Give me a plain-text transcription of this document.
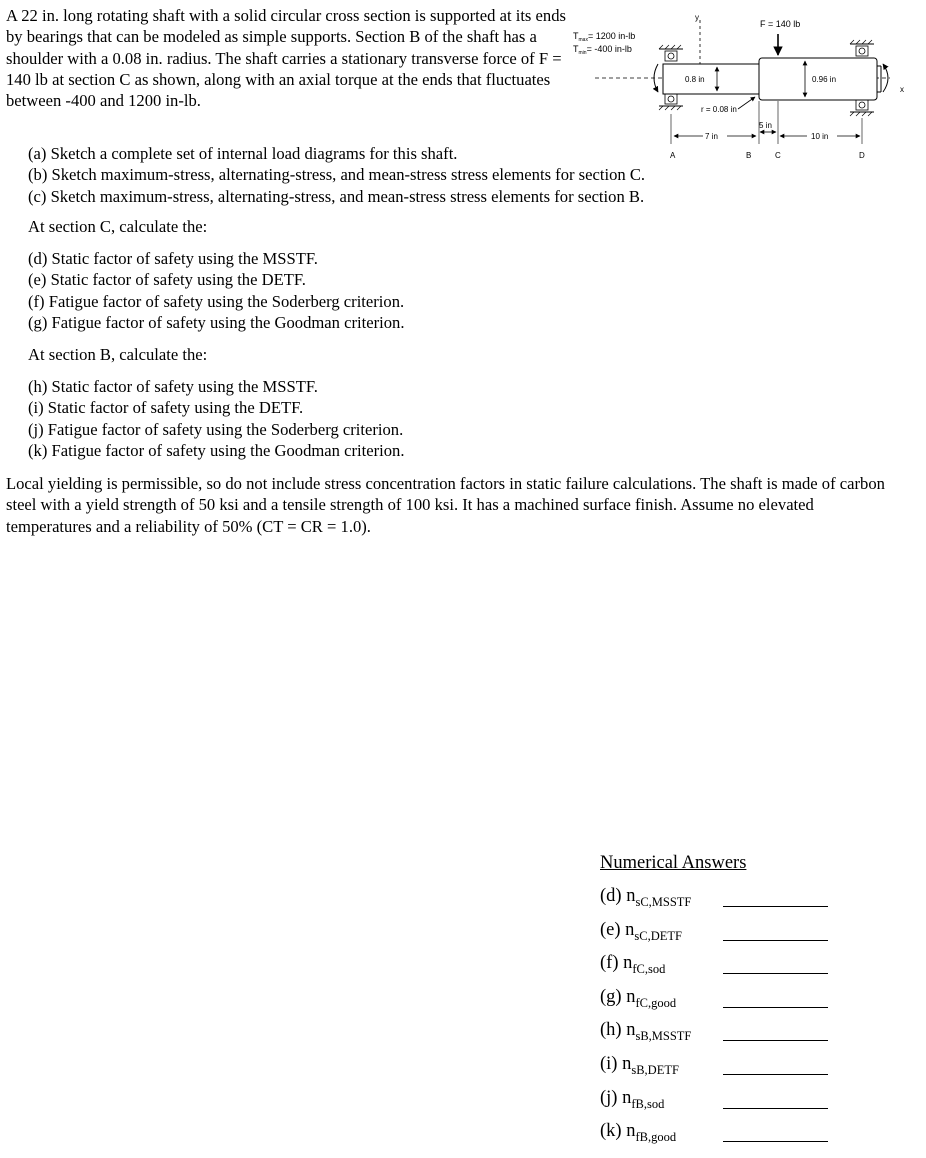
A 22 in. long rotating shaft with a solid circular cross section is supported at its ends by bearings that can be modeled as simple supports. Section B of the shaft has a shoulder with a 0.08 in. radius. The shaft carries a stationary transverse force of F = 140 lb at section C as shown, along with an axial torque at the ends that fluctuates between -400 and 1200 in-lb.
y
$T_{max}= 1200$ in-lb
$T_{min}= -400$ in-lb
x
0.8 in	0.96 in
r = 0.08 in
F = 140 lb
7 in
5 in
10 in
A	B	C	D
(a) Sketch a complete set of internal load diagrams for this shaft.
(b) Sketch maximum-stress, alternating-stress, and mean-stress stress elements for section C.
(c) Sketch maximum-stress, alternating-stress, and mean-stress stress elements for section B.
At section C, calculate the:
(d) Static factor of safety using the MSSTF.
(e) Static factor of safety using the DETF.
(f) Fatigue factor of safety using the Soderberg criterion.
(g) Fatigue factor of safety using the Goodman criterion.
At section B, calculate the:
(h) Static factor of safety using the MSSTF.
(i) Static factor of safety using the DETF.
(j) Fatigue factor of safety using the Soderberg criterion.
(k) Fatigue factor of safety using the Goodman criterion.
Local yielding is permissible, so do not include stress concentration factors in static failure calculations. The shaft is made of carbon steel with a yield strength of 50 ksi and a tensile strength of 100 ksi. It has a machined surface finish. Assume no elevated temperatures and a reliability of 50% (CT = CR = 1.0).
Numerical Answers
(d) $n_{sC,MSSTF}$
(e) $n_{sC,DETF}$
(f) $n_{fC,sod}$
(g) $n_{fC,good}$
(h) $n_{sB,MSSTF}$
(i) $n_{sB,DETF}$
(j) $n_{fB,sod}$
(k) $n_{fB,good}$
